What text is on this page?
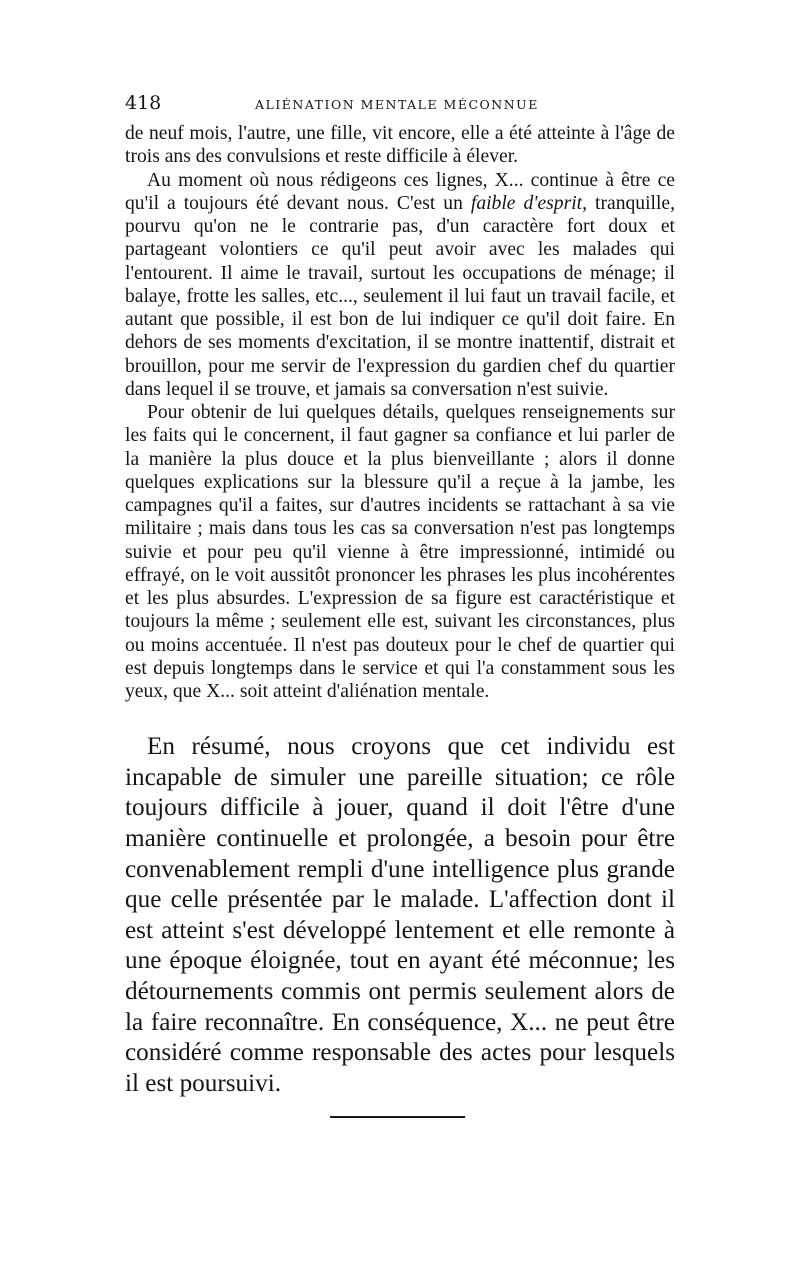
418	ALIÉNATION MENTALE MÉCONNUE

de neuf mois, l'autre, une fille, vit encore, elle a été atteinte à l'âge de trois ans des convulsions et reste difficile à élever.

Au moment où nous rédigeons ces lignes, X... continue à être ce qu'il a toujours été devant nous. C'est un faible d'esprit, tranquille, pourvu qu'on ne le contrarie pas, d'un caractère fort doux et partageant volontiers ce qu'il peut avoir avec les malades qui l'entourent. Il aime le travail, surtout les occupations de ménage; il balaye, frotte les salles, etc..., seulement il lui faut un travail facile, et autant que possible, il est bon de lui indiquer ce qu'il doit faire. En dehors de ses moments d'excitation, il se montre inattentif, distrait et brouillon, pour me servir de l'expression du gardien chef du quartier dans lequel il se trouve, et jamais sa conversation n'est suivie.

Pour obtenir de lui quelques détails, quelques renseignements sur les faits qui le concernent, il faut gagner sa confiance et lui parler de la manière la plus douce et la plus bienveillante ; alors il donne quelques explications sur la blessure qu'il a reçue à la jambe, les campagnes qu'il a faites, sur d'autres incidents se rattachant à sa vie militaire ; mais dans tous les cas sa conversation n'est pas longtemps suivie et pour peu qu'il vienne à être impressionné, intimidé ou effrayé, on le voit aussitôt prononcer les phrases les plus incohérentes et les plus absurdes. L'expression de sa figure est caractéristique et toujours la même ; seulement elle est, suivant les circonstances, plus ou moins accentuée. Il n'est pas douteux pour le chef de quartier qui est depuis longtemps dans le service et qui l'a constamment sous les yeux, que X... soit atteint d'aliénation mentale.

En résumé, nous croyons que cet individu est incapable de simuler une pareille situation; ce rôle toujours difficile à jouer, quand il doit l'être d'une manière continuelle et prolongée, a besoin pour être convenablement rempli d'une intelligence plus grande que celle présentée par le malade. L'affection dont il est atteint s'est développé lentement et elle remonte à une époque éloignée, tout en ayant été méconnue; les détournements commis ont permis seulement alors de la faire reconnaître. En conséquence, X... ne peut être considéré comme responsable des actes pour lesquels il est poursuivi.
